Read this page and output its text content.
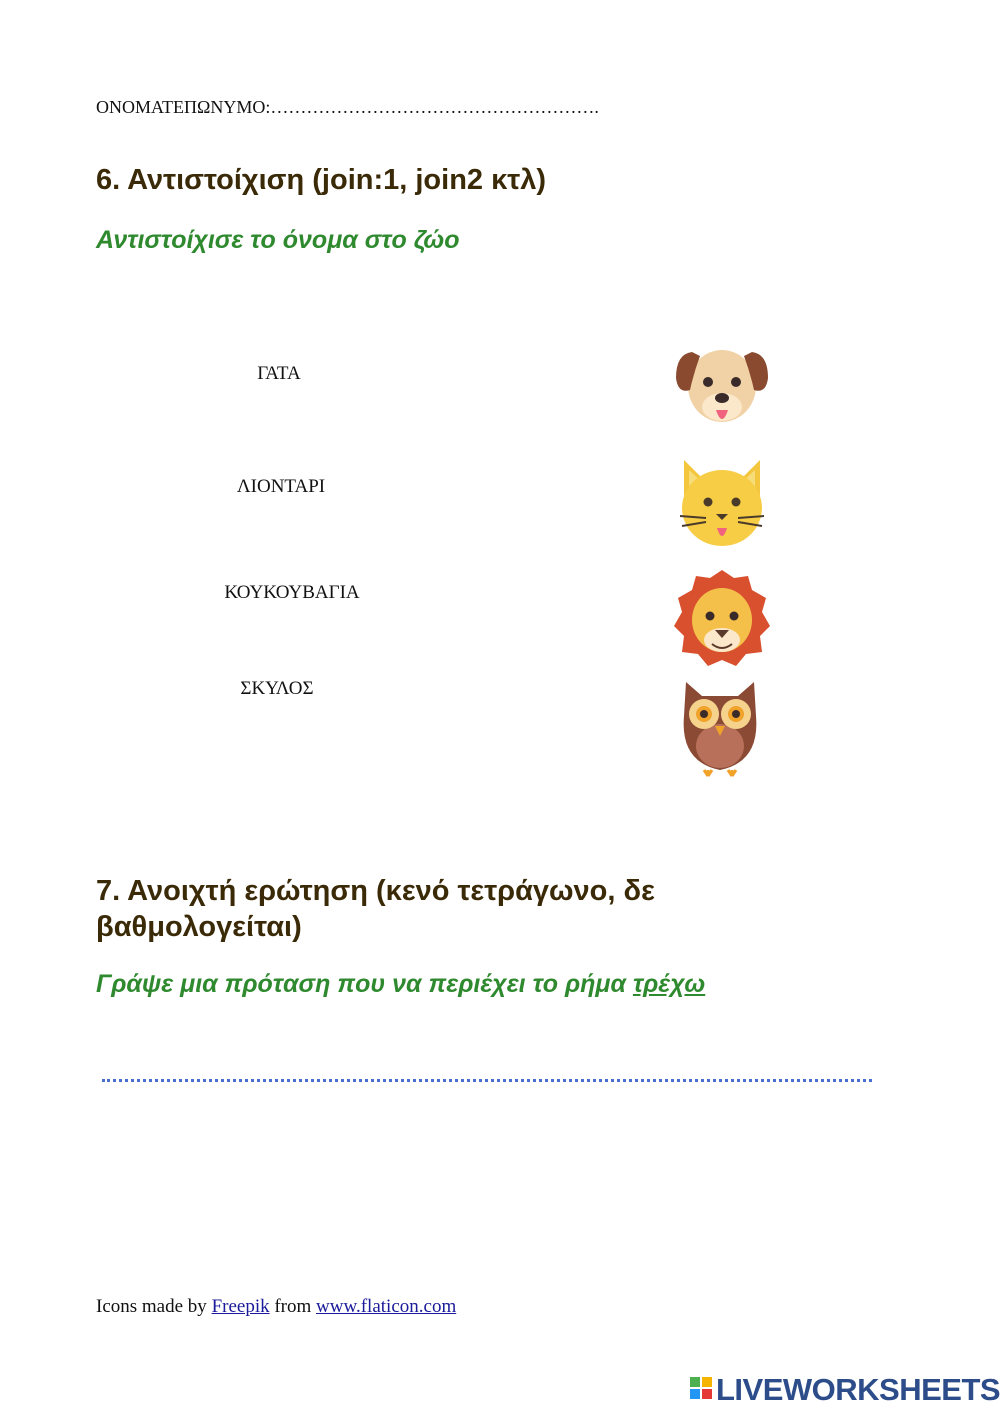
ΟΝΟΜΑΤΕΠΩΝΥΜΟ:……………………………………………….
6. Αντιστοίχιση (join:1, join2 κτλ)
Αντιστοίχισε το όνομα στο ζώο
ΓΑΤΑ
ΛΙΟΝΤΑΡΙ
ΚΟΥΚΟΥΒΑΓΙΑ
ΣΚΥΛΟΣ
7. Ανοιχτή ερώτηση (κενό τετράγωνο, δε βαθμολογείται)
Γράψε μια πρόταση που να περιέχει το ρήμα τρέχω
Icons made by Freepik from www.flaticon.com
LIVEWORKSHEETS
